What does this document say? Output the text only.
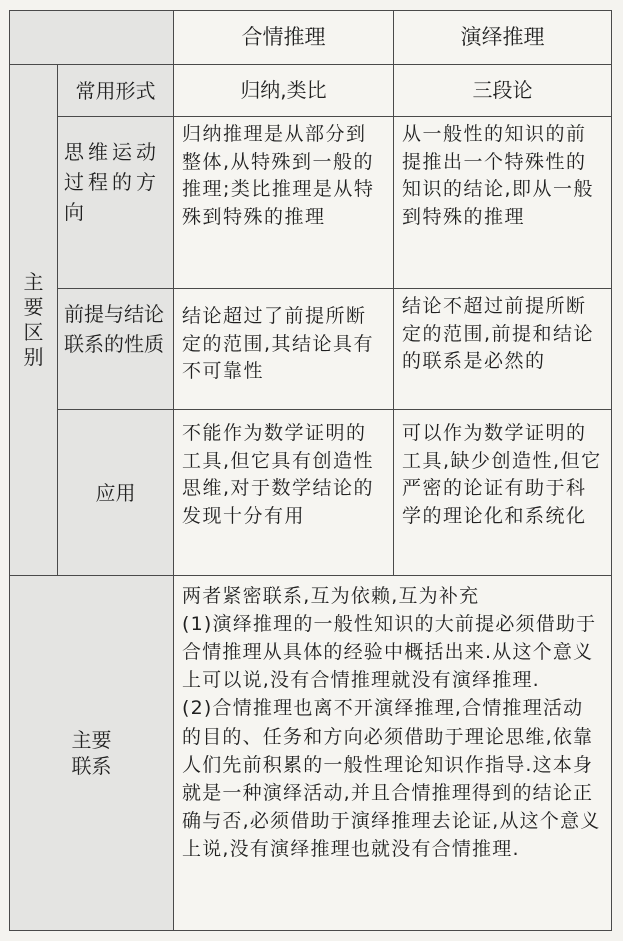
		合情推理	演绎推理
主要区别	常用形式	归纳,类比	三段论
	思维运动过程的方向	归纳推理是从部分到整体,从特殊到一般的推理;类比推理是从特殊到特殊的推理	从一般性的知识的前提推出一个特殊性的知识的结论,即从一般到特殊的推理
	前提与结论联系的性质	结论超过了前提所断定的范围,其结论具有不可靠性	结论不超过前提所断定的范围,前提和结论的联系是必然的
	应用	不能作为数学证明的工具,但它具有创造性思维,对于数学结论的发现十分有用	可以作为数学证明的工具,缺少创造性,但它严密的论证有助于科学的理论化和系统化
主要联系		两者紧密联系,互为依赖,互为补充

(1)演绎推理的一般性知识的大前提必须借助于合情推理从具体的经验中概括出来.从这个意义上可以说,没有合情推理就没有演绎推理.

(2)合情推理也离不开演绎推理,合情推理活动的目的、任务和方向必须借助于理论思维,依靠人们先前积累的一般性理论知识作指导.这本身就是一种演绎活动,并且合情推理得到的结论正确与否,必须借助于演绎推理去论证,从这个意义上说,没有演绎推理也就没有合情推理.	
